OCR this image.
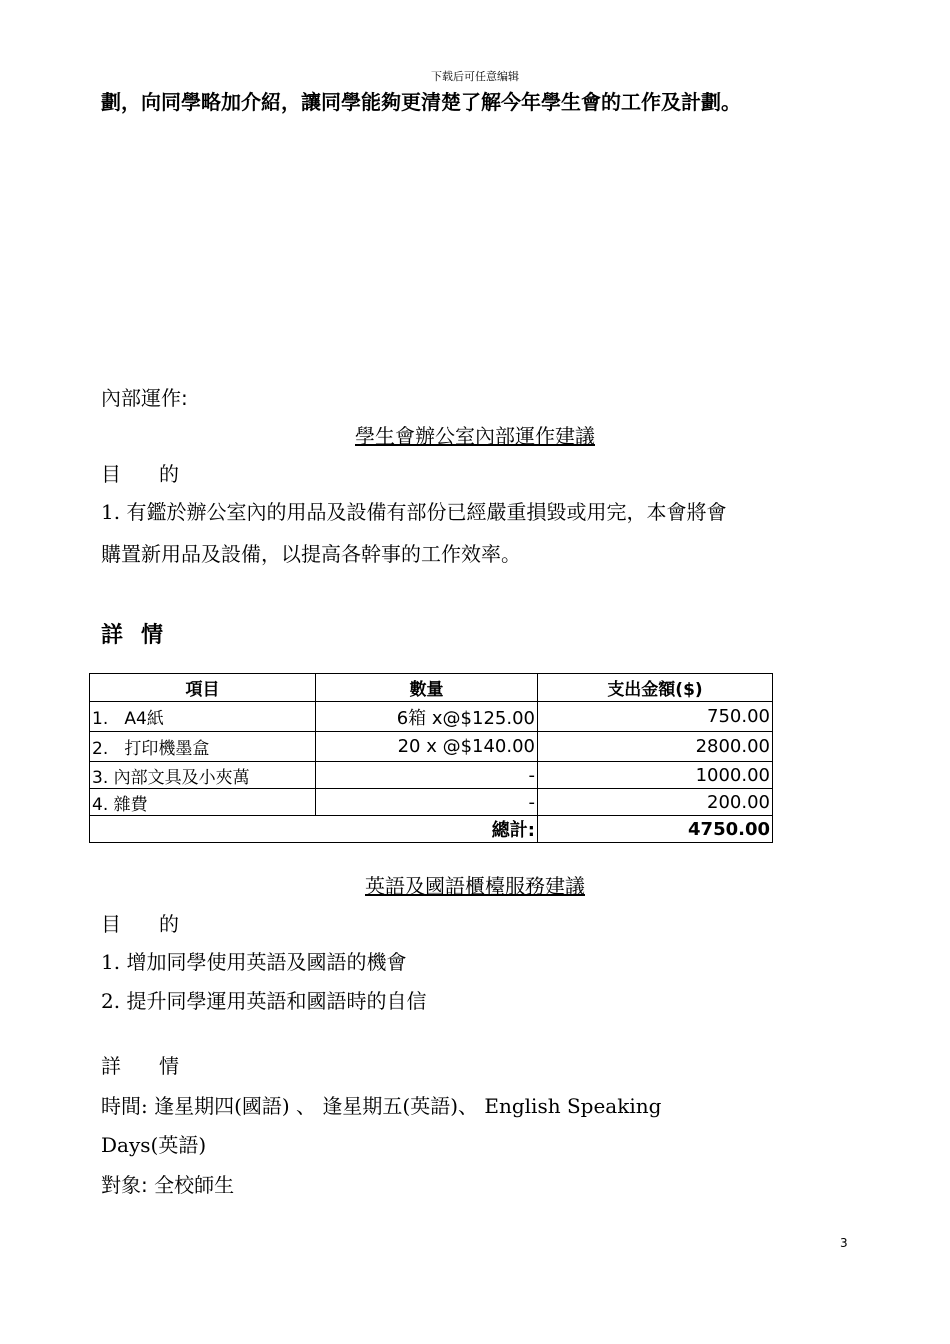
下载后可任意编辑
劃，向同學略加介紹，讓同學能夠更清楚了解今年學生會的工作及計劃。
內部運作:
學生會辦公室內部運作建議
目的
1. 有鑑於辦公室內的用品及設備有部份已經嚴重損毀或用完，本會將會
購置新用品及設備，以提高各幹事的工作效率。
詳情
項目	數量	支出金額($)
1.   A4紙	6箱 x@$125.00	750.00
2.   打印機墨盒	20 x @$140.00	2800.00
3. 內部文具及小夾萬	-	1000.00
4. 雜費	-	200.00
總計:		4750.00
英語及國語櫃檯服務建議
目的
1. 增加同學使用英語及國語的機會
2. 提升同學運用英語和國語時的自信
詳情
時間: 逢星期四(國語) 、 逢星期五(英語)、 English Speaking
Days(英語)
對象: 全校師生
3
